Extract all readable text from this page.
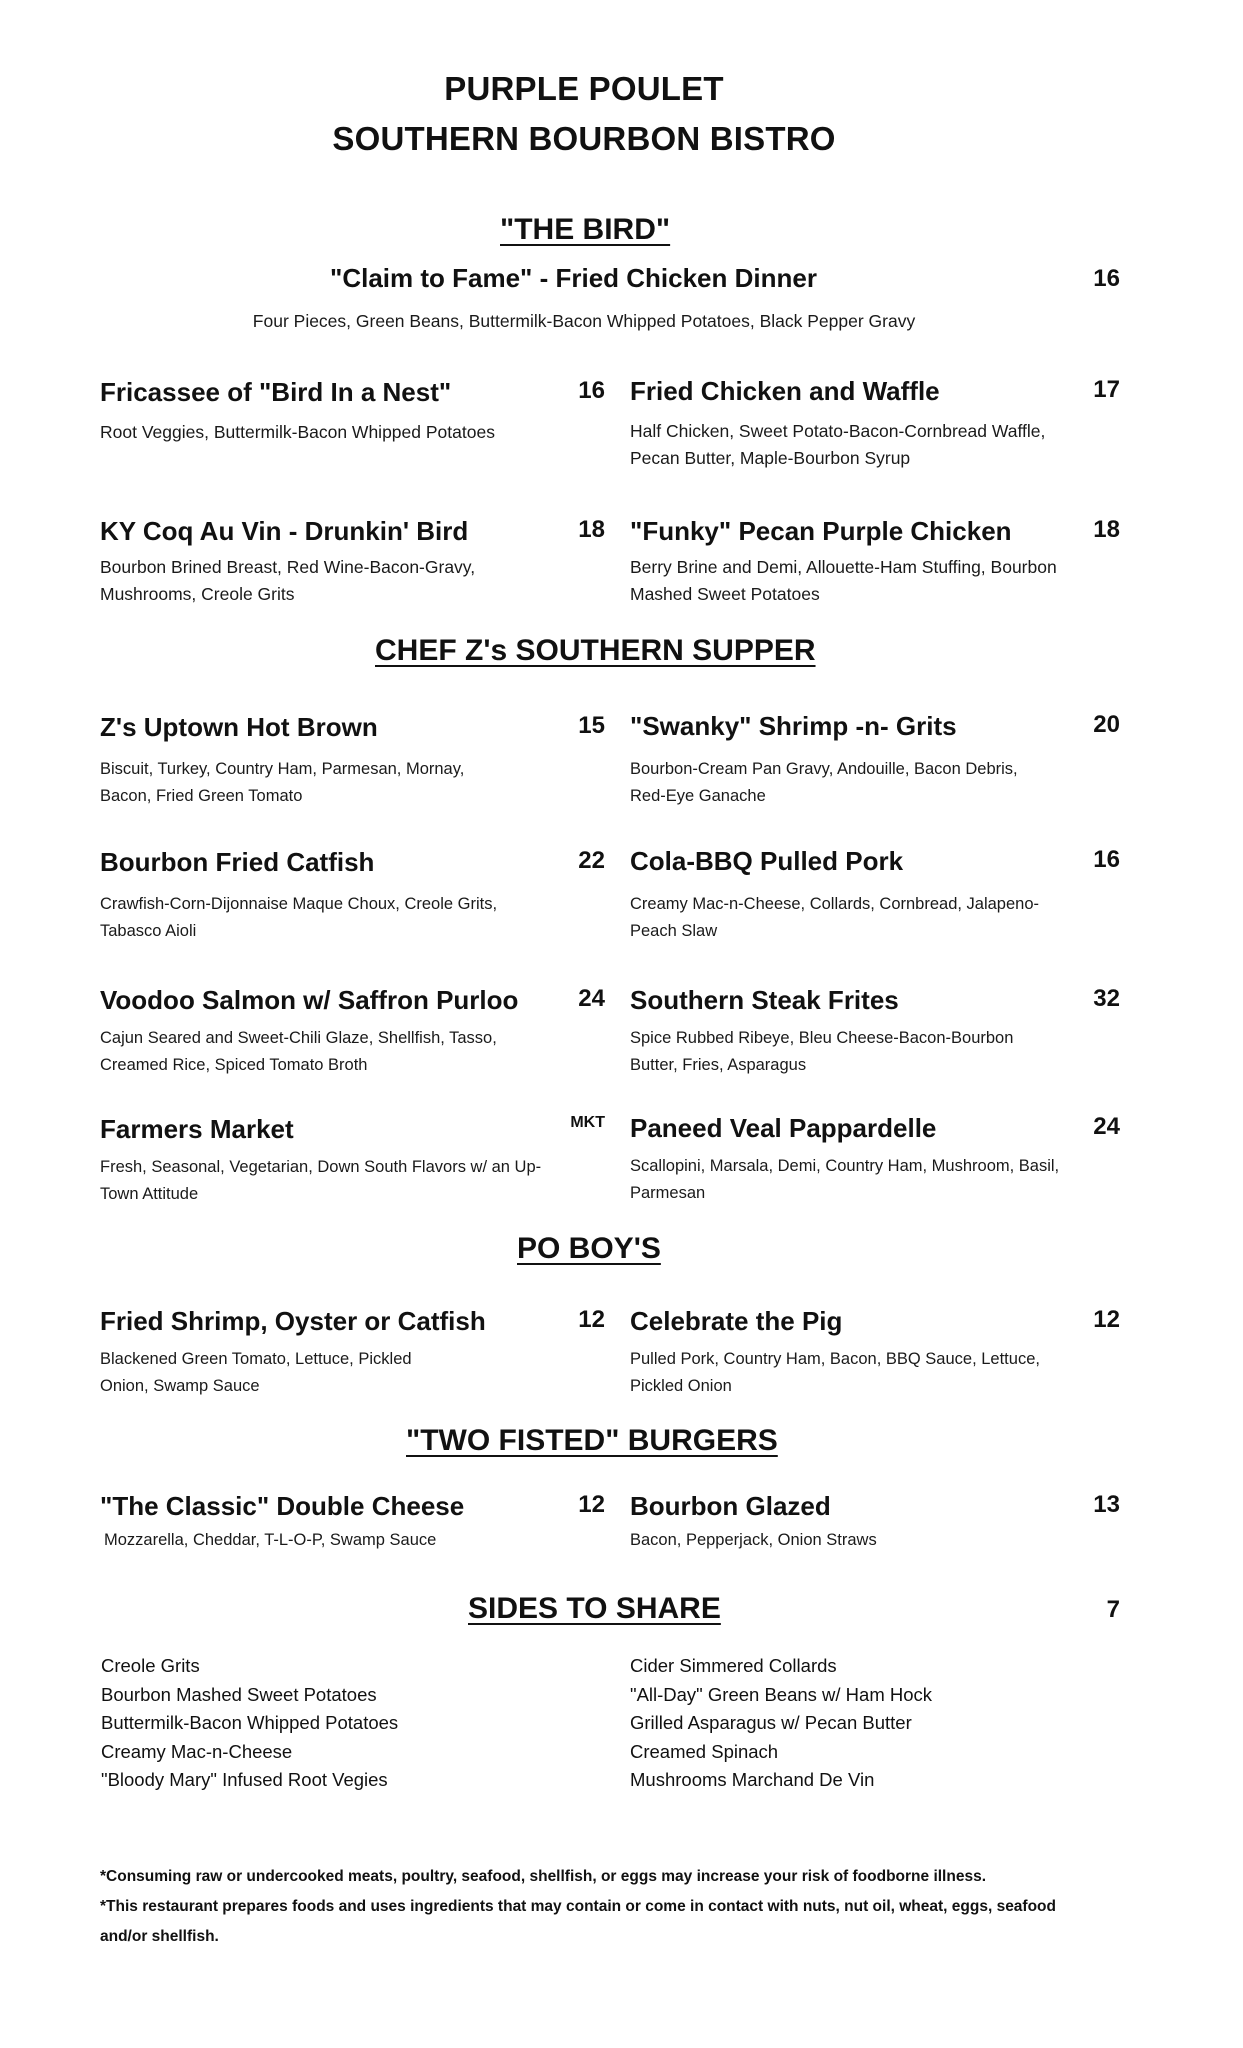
PURPLE POULET
SOUTHERN BOURBON BISTRO
"THE BIRD"
"Claim to Fame" - Fried Chicken Dinner	16
Four Pieces, Green Beans, Buttermilk-Bacon Whipped Potatoes, Black Pepper Gravy
Fricassee of "Bird In a Nest"	16
Root Veggies, Buttermilk-Bacon Whipped Potatoes
Fried Chicken and Waffle	17
Half Chicken, Sweet Potato-Bacon-Cornbread Waffle, Pecan Butter, Maple-Bourbon Syrup
KY Coq Au Vin - Drunkin' Bird	18
Bourbon Brined Breast, Red Wine-Bacon-Gravy, Mushrooms, Creole Grits
"Funky" Pecan Purple Chicken	18
Berry Brine and Demi, Allouette-Ham Stuffing, Bourbon Mashed Sweet Potatoes
CHEF Z's SOUTHERN SUPPER
Z's Uptown Hot Brown	15
Biscuit, Turkey, Country Ham, Parmesan, Mornay, Bacon, Fried Green Tomato
"Swanky" Shrimp -n- Grits	20
Bourbon-Cream Pan Gravy, Andouille, Bacon Debris, Red-Eye Ganache
Bourbon Fried Catfish	22
Crawfish-Corn-Dijonnaise Maque Choux, Creole Grits, Tabasco Aioli
Cola-BBQ Pulled Pork	16
Creamy Mac-n-Cheese, Collards, Cornbread, Jalapeno-Peach Slaw
Voodoo Salmon w/ Saffron Purloo	24
Cajun Seared and Sweet-Chili Glaze, Shellfish, Tasso, Creamed Rice, Spiced Tomato Broth
Southern Steak Frites	32
Spice Rubbed Ribeye, Bleu Cheese-Bacon-Bourbon Butter, Fries, Asparagus
Farmers Market	MKT
Fresh, Seasonal, Vegetarian, Down South Flavors w/ an Up-Town Attitude
Paneed Veal Pappardelle	24
Scallopini, Marsala, Demi, Country Ham, Mushroom, Basil, Parmesan
PO BOY'S
Fried Shrimp, Oyster or Catfish	12
Blackened Green Tomato, Lettuce, Pickled Onion, Swamp Sauce
Celebrate the Pig	12
Pulled Pork, Country Ham, Bacon, BBQ Sauce, Lettuce, Pickled Onion
"TWO FISTED" BURGERS
"The Classic" Double Cheese	12
Mozzarella, Cheddar, T-L-O-P, Swamp Sauce
Bourbon Glazed	13
Bacon, Pepperjack, Onion Straws
SIDES TO SHARE	7
Creole Grits
Bourbon Mashed Sweet Potatoes
Buttermilk-Bacon Whipped Potatoes
Creamy Mac-n-Cheese
"Bloody Mary" Infused Root Vegies
Cider Simmered Collards
"All-Day" Green Beans w/ Ham Hock
Grilled Asparagus w/ Pecan Butter
Creamed Spinach
Mushrooms Marchand De Vin
*Consuming raw or undercooked meats, poultry, seafood, shellfish, or eggs may increase your risk of foodborne illness.
*This restaurant prepares foods and uses ingredients that may contain or come in contact with nuts, nut oil, wheat, eggs, seafood and/or shellfish.
